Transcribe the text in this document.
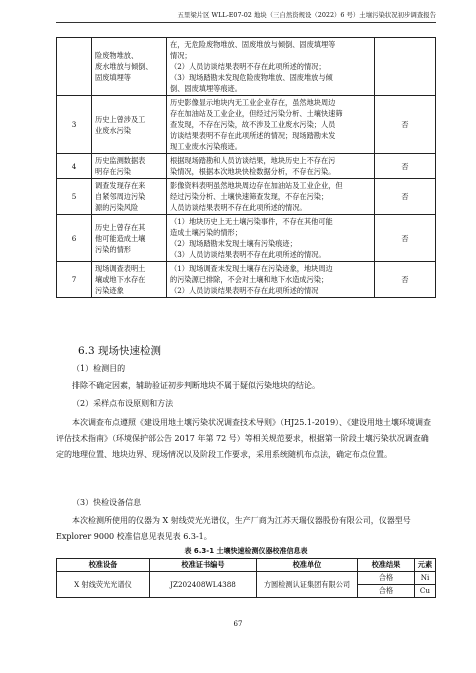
五里梁片区 WLL-E07-02 地块（三自然资规设（2022）6 号）土壤污染状况初步调查报告

	险废物堆放、
废水堆放与倾倒、
固废填埋等	在，无危险废物堆放、固废堆放与倾倒、固废填埋等
情况；
（2）人员访谈结果表明不存在此项所述的情况；
（3）现场踏勘未发现危险废物堆放、固废堆放与倾
倒、固废填埋等痕迹。	

3	历史上曾涉及工
业废水污染	历史影像显示地块内无工业企业存在，虽然地块周边
存在加油站及工业企业，但经过污染分析、土壤快速筛
查发现，不存在污染，故不涉及工业废水污染；人员
访谈结果表明不存在此项所述的情况；现场踏勘未发
现工业废水污染痕迹。	否
4	历史监测数据表
明存在污染	根据现场踏勘和人员访谈结果，地块历史上不存在污
染情况，根据本次地块快检数据分析，不存在污染。	否
5	调查发现存在来
自紧邻周边污染
源的污染风险	影像资料表明虽然地块周边存在加油站及工业企业，但
经过污染分析、土壤快速筛查发现，不存在污染；
人员访谈结果表明不存在此项所述的情况。	否
6	历史上曾存在其
他可能造成土壤
污染的情形	（1）地块历史上无土壤污染事件，不存在其他可能
造成土壤污染的情形；
（2）现场踏勘未发现土壤有污染痕迹；
（3）人员访谈结果表明不存在此项所述的情况。	否
7	现场调查表明土
壤或地下水存在
污染迹象	（1）现场调查未发现土壤存在污染迹象，地块周边
的污染源已排除，不会对土壤和地下水造成污染；
（2）人员访谈结果表明不存在此项所述的情况	否
6.3 现场快速检测
（1）检测目的
排除不确定因素，辅助验证初步判断地块不属于疑似污染地块的结论。
（2）采样点布设原则和方法
本次调查布点遵照《建设用地土壤污染状况调查技术导则》（HJ25.1-2019）、《建设用地土壤环境调查评估技术指南》（环境保护部公告 2017 年第 72 号）等相关规范要求，根据第一阶段土壤污染状况调查确定的地理位置、地块边界、现场情况以及阶段工作要求，采用系统随机布点法，确定布点位置。
（3）快检设备信息
本次检测所使用的仪器为 X 射线荧光光谱仪，生产厂商为江苏天瑞仪器股份有限公司，仪器型号 Explorer 9000 校准信息见表见表 6.3-1。
表 6.3-1 土壤快速检测仪器校准信息表
校准设备	校准证书编号	校准单位	校准结果	元素
X 射线荧光光谱仪	JZ202408WL4388	方圆检测认证集团有限公司	合格	Ni
			合格	Cu
67
